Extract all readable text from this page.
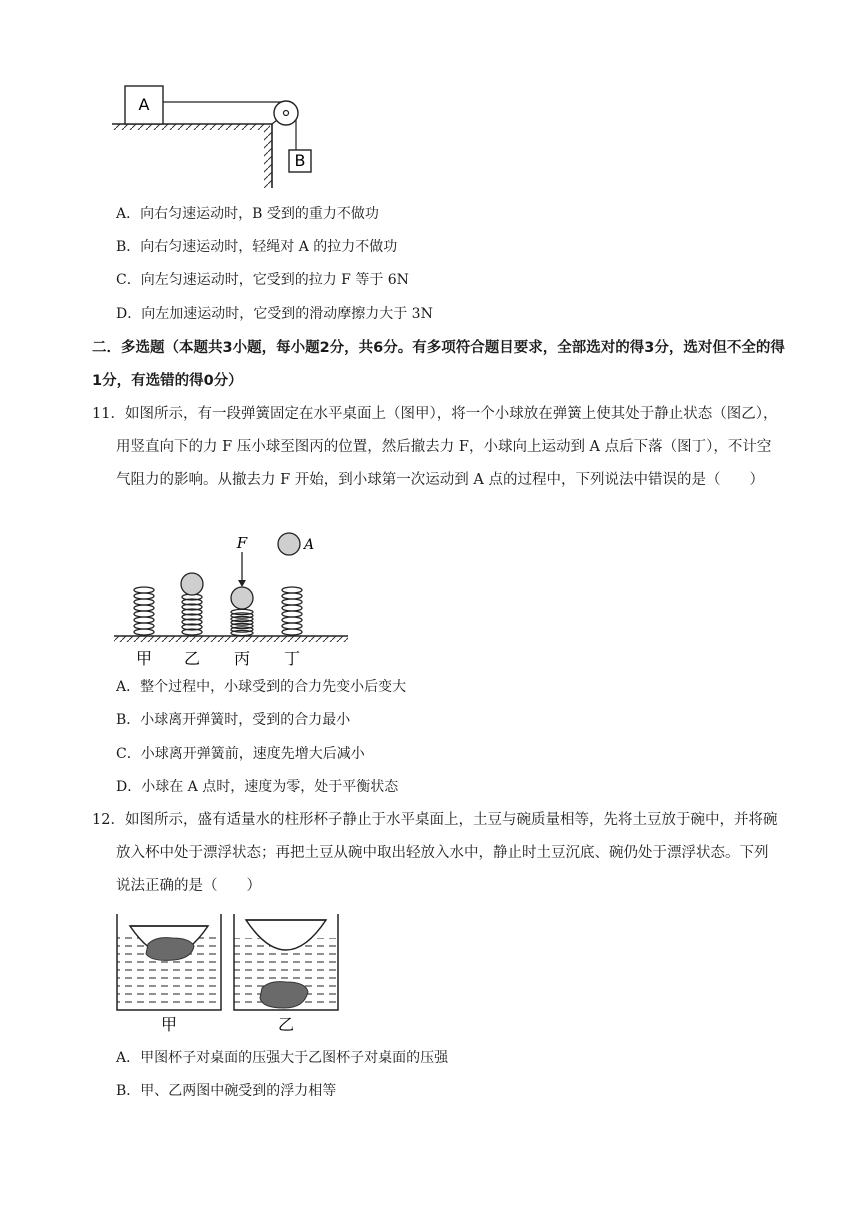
A
B
A．向右匀速运动时，B 受到的重力不做功
B．向右匀速运动时，轻绳对 A 的拉力不做功
C．向左匀速运动时，它受到的拉力 F 等于 6N
D．向左加速运动时，它受到的滑动摩擦力大于 3N
二．多选题（本题共3小题，每小题2分，共6分。有多项符合题目要求，全部选对的得3分，选对但不全的得1分，有选错的得0分）
11．如图所示，有一段弹簧固定在水平桌面上（图甲），将一个小球放在弹簧上使其处于静止状态（图乙），用竖直向下的力 F 压小球至图丙的位置，然后撤去力 F，小球向上运动到 A 点后下落（图丁），不计空气阻力的影响。从撤去力 F 开始，到小球第一次运动到 A 点的过程中，下列说法中错误的是（　　）
F	A
甲 乙 丙 丁
A．整个过程中，小球受到的合力先变小后变大
B．小球离开弹簧时，受到的合力最小
C．小球离开弹簧前，速度先增大后减小
D．小球在 A 点时，速度为零，处于平衡状态
12．如图所示，盛有适量水的柱形杯子静止于水平桌面上，土豆与碗质量相等，先将土豆放于碗中，并将碗放入杯中处于漂浮状态；再把土豆从碗中取出轻放入水中，静止时土豆沉底、碗仍处于漂浮状态。下列说法正确的是（　　）
甲	乙
A．甲图杯子对桌面的压强大于乙图杯子对桌面的压强
B．甲、乙两图中碗受到的浮力相等
